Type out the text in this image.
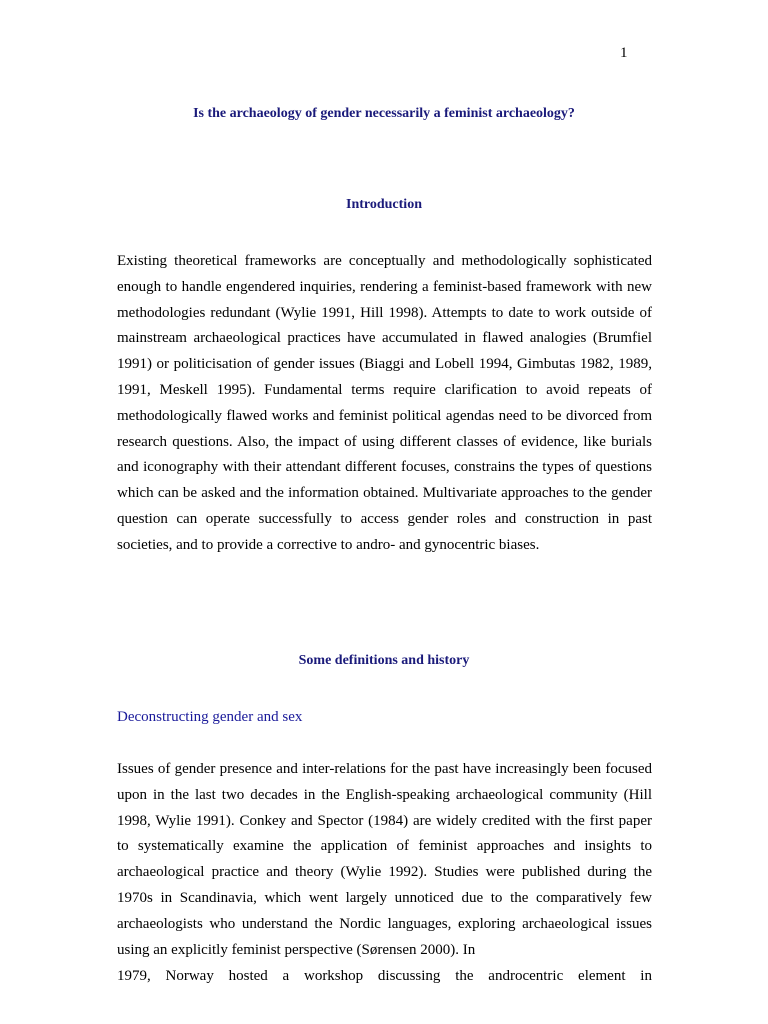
1
Is the archaeology of gender necessarily a feminist archaeology?
Introduction

Existing theoretical frameworks are conceptually and methodologically sophisticated enough to handle engendered inquiries, rendering a feminist-based framework with new methodologies redundant (Wylie 1991, Hill 1998). Attempts to date to work outside of mainstream archaeological practices have accumulated in flawed analogies (Brumfiel 1991) or politicisation of gender issues (Biaggi and Lobell 1994, Gimbutas 1982, 1989, 1991, Meskell 1995). Fundamental terms require clarification to avoid repeats of methodologically flawed works and feminist political agendas need to be divorced from research questions. Also, the impact of using different classes of evidence, like burials and iconography with their attendant different focuses, constrains the types of questions which can be asked and the information obtained. Multivariate approaches to the gender question can operate successfully to access gender roles and construction in past societies, and to provide a corrective to andro- and gynocentric biases.

Some definitions and history
Deconstructing gender and sex

Issues of gender presence and inter-relations for the past have increasingly been focused upon in the last two decades in the English-speaking archaeological community (Hill 1998, Wylie 1991). Conkey and Spector (1984) are widely credited with the first paper to systematically examine the application of feminist approaches and insights to archaeological practice and theory (Wylie 1992). Studies were published during the 1970s in Scandinavia, which went largely unnoticed due to the comparatively few archaeologists who understand the Nordic languages, exploring archaeological issues using an explicitly feminist perspective (Sørensen 2000). In

1979, Norway hosted a workshop discussing the androcentric element in
